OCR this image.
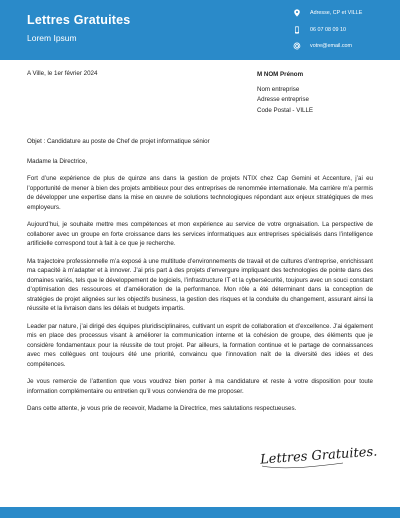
Lettres Gratuites
Lorem Ipsum
Adresse, CP et VILLE
06 07 08 09 10
votre@email.com
A Ville, le 1er février 2024	M NOM Prénom
Nom entreprise
Adresse entreprise
Code Postal - VILLE

Objet : Candidature au poste de Chef de projet informatique sénior

Madame la Directrice,

Fort d’une expérience de plus de quinze ans dans la gestion de projets NTIX chez Cap Gemini et Accenture, j’ai eu l’opportunité de mener à bien des projets ambitieux pour des entreprises de renommée internationale. Ma carrière m’a permis de développer une expertise dans la mise en œuvre de solutions technologiques répondant aux enjeux stratégiques de mes employeurs.

Aujourd’hui, je souhaite mettre mes compétences et mon expérience au service de votre orgnaisation. La perspective de collaborer avec un groupe en forte croissance dans les services informatiques aux entreprises spécialisés dans l’intelligence artificielle correspond tout à fait à ce que je recherche.

Ma trajectoire professionnelle m’a exposé à une multitude d’environnements de travail et de cultures d’entreprise, enrichissant ma capacité à m’adapter et à innover. J’ai pris part à des projets d’envergure impliquant des technologies de pointe dans des domaines variés, tels que le développement de logiciels, l’infrastructure IT et la cybersécurité, toujours avec un souci constant d’optimisation des ressources et d’amélioration de la performance. Mon rôle a été déterminant dans la conception de stratégies de projet alignées sur les objectifs business, la gestion des risques et la conduite du changement, assurant ainsi la réussite et la livraison dans les délais et budgets impartis.

Leader par nature, j’ai dirigé des équipes pluridisciplinaires, cultivant un esprit de collaboration et d’excellence. J’ai également mis en place des processus visant à améliorer la communication interne et la cohésion de groupe, des éléments que je considère fondamentaux pour la réussite de tout projet. Par ailleurs, la formation continue et le partage de connaissances avec mes collègues ont toujours été une priorité, convaincu que l’innovation naît de la diversité des idées et des compétences.

Je vous remercie de l’attention que vous voudrez bien porter à ma candidature et reste à votre disposition pour toute information complémentaire ou entretien qu’il vous conviendra de me proposer.

Dans cette attente, je vous prie de recevoir, Madame la Directrice, mes salutations respectueuses.

Lettres Gratuites.
